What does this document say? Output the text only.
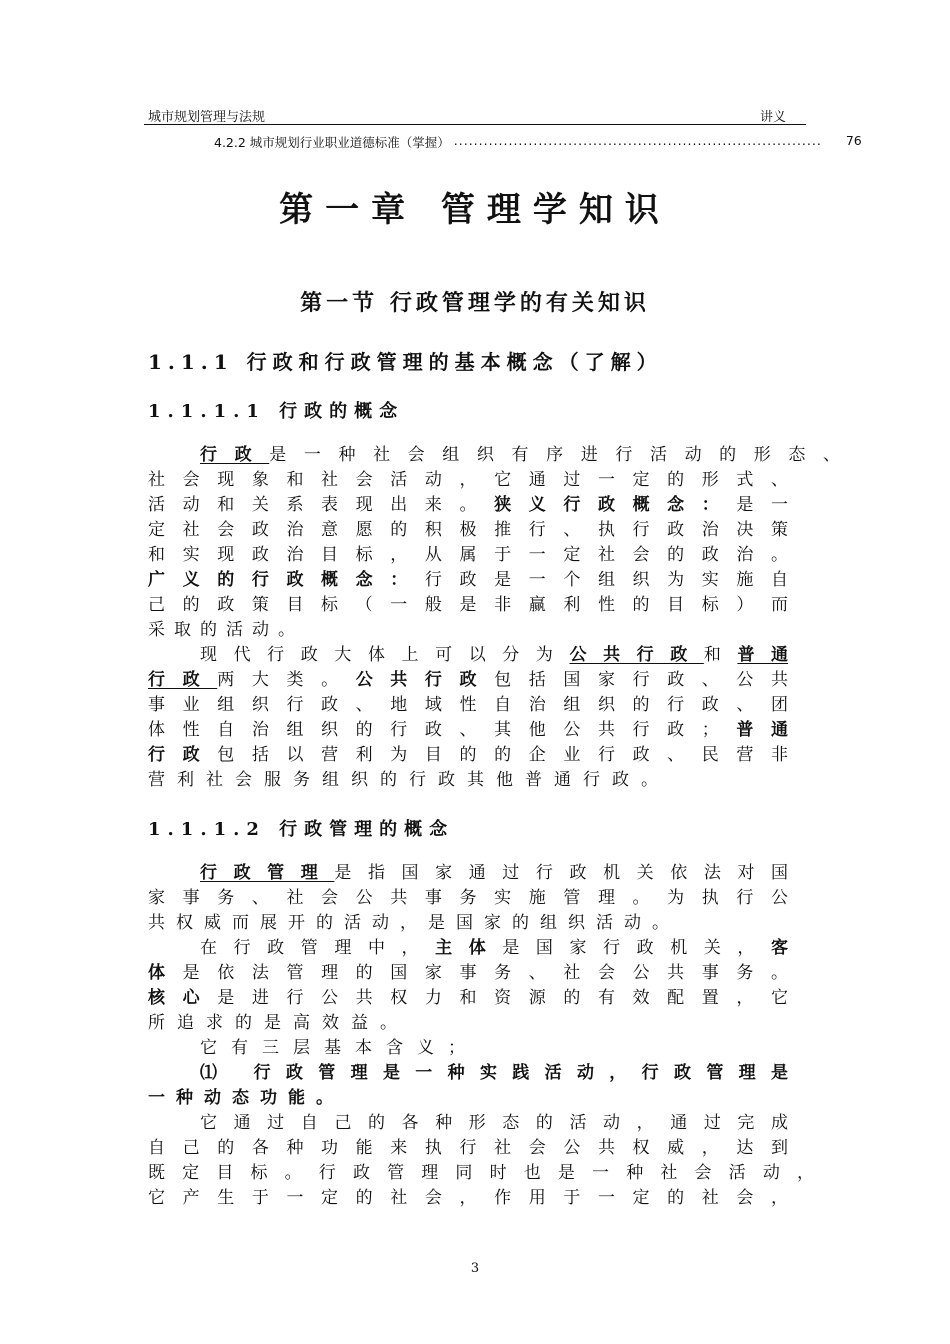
城市规划管理与法规	讲义
4.2.2 城市规划行业职业道德标准（掌握） .......................................................................... 76
第一章 管理学知识
第一节 行政管理学的有关知识
1.1.1 行政和行政管理的基本概念（了解）
1.1.1.1 行政的概念
行政是一种社会组织有序进行活动的形态、
社会现象和社会活动，它通过一定的形式、
活动和关系表现出来。狭义行政概念：是一
定社会政治意愿的积极推行、执行政治决策
和实现政治目标，从属于一定社会的政治。
广义的行政概念：行政是一个组织为实施自
己的政策目标（一般是非赢利性的目标）而
采取的活动。
现代行政大体上可以分为公共行政和普通
行政两大类。公共行政包括国家行政、公共
事业组织行政、地域性自治组织的行政、团
体性自治组织的行政、其他公共行政；普通
行政包括以营利为目的的企业行政、民营非
营利社会服务组织的行政其他普通行政。
1.1.1.2 行政管理的概念
行政管理是指国家通过行政机关依法对国
家事务、社会公共事务实施管理。为执行公
共权威而展开的活动，是国家的组织活动。
在行政管理中，主体是国家行政机关，客
体是依法管理的国家事务、社会公共事务。
核心是进行公共权力和资源的有效配置，它
所追求的是高效益。
它有三层基本含义；
⑴ 行政管理是一种实践活动，行政管理是
一种动态功能。
它通过自己的各种形态的活动，通过完成
自己的各种功能来执行社会公共权威，达到
既定目标。行政管理同时也是一种社会活动，
它产生于一定的社会，作用于一定的社会，
3
